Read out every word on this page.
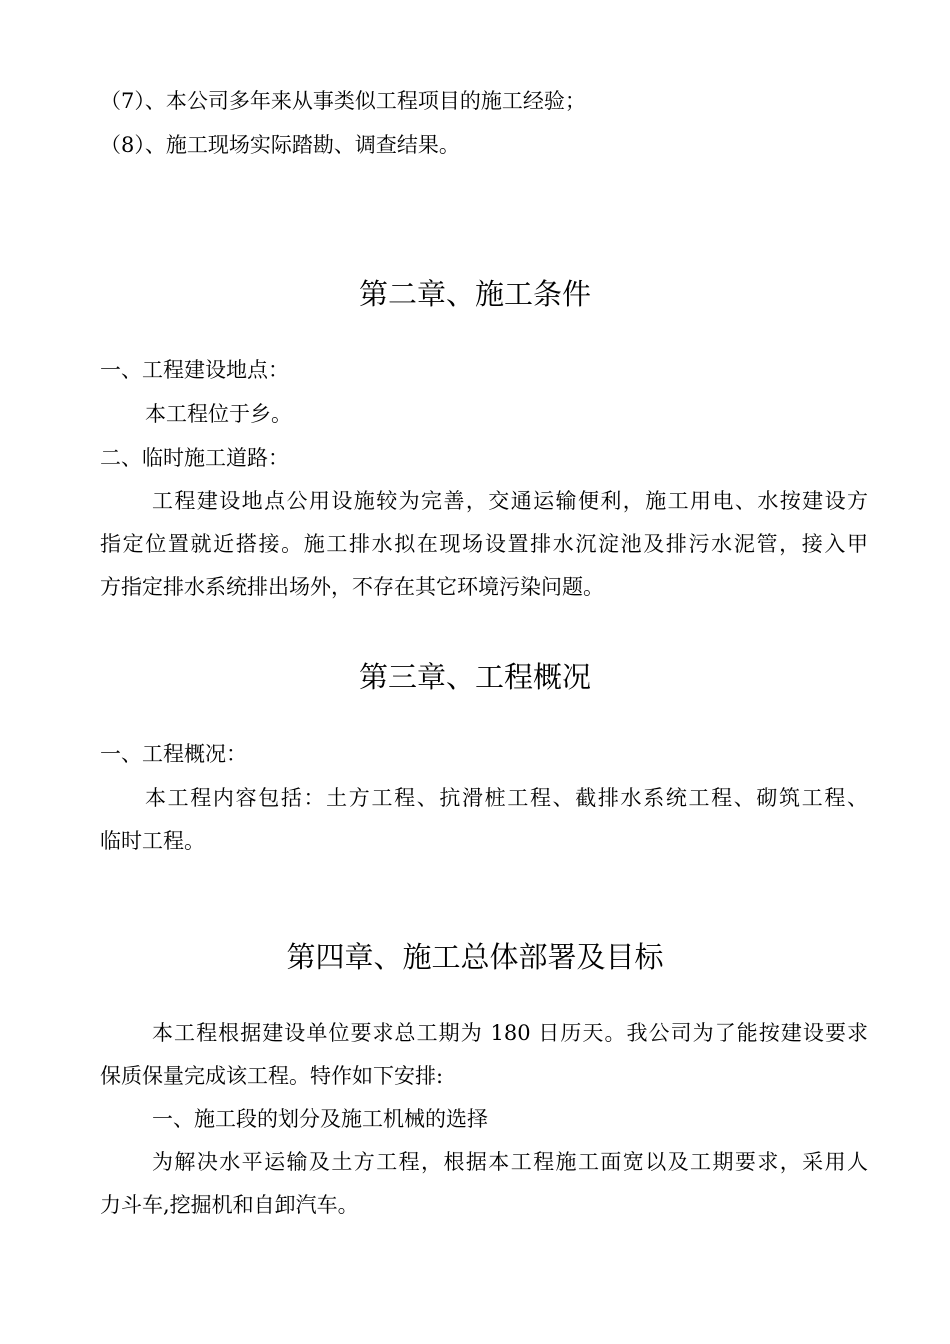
（7）、本公司多年来从事类似工程项目的施工经验；
（8）、施工现场实际踏勘、调查结果。
第二章、施工条件
一、工程建设地点：
本工程位于乡。
二、临时施工道路：
工程建设地点公用设施较为完善，交通运输便利，施工用电、水按建设方
指定位置就近搭接。施工排水拟在现场设置排水沉淀池及排污水泥管，接入甲
方指定排水系统排出场外，不存在其它环境污染问题。
第三章、工程概况
一、工程概况：
本工程内容包括：土方工程、抗滑桩工程、截排水系统工程、砌筑工程、
临时工程。
第四章、施工总体部署及目标
本工程根据建设单位要求总工期为 180 日历天。我公司为了能按建设要求
保质保量完成该工程。特作如下安排:
一、施工段的划分及施工机械的选择
为解决水平运输及土方工程，根据本工程施工面宽以及工期要求，采用人
力斗车,挖掘机和自卸汽车。
